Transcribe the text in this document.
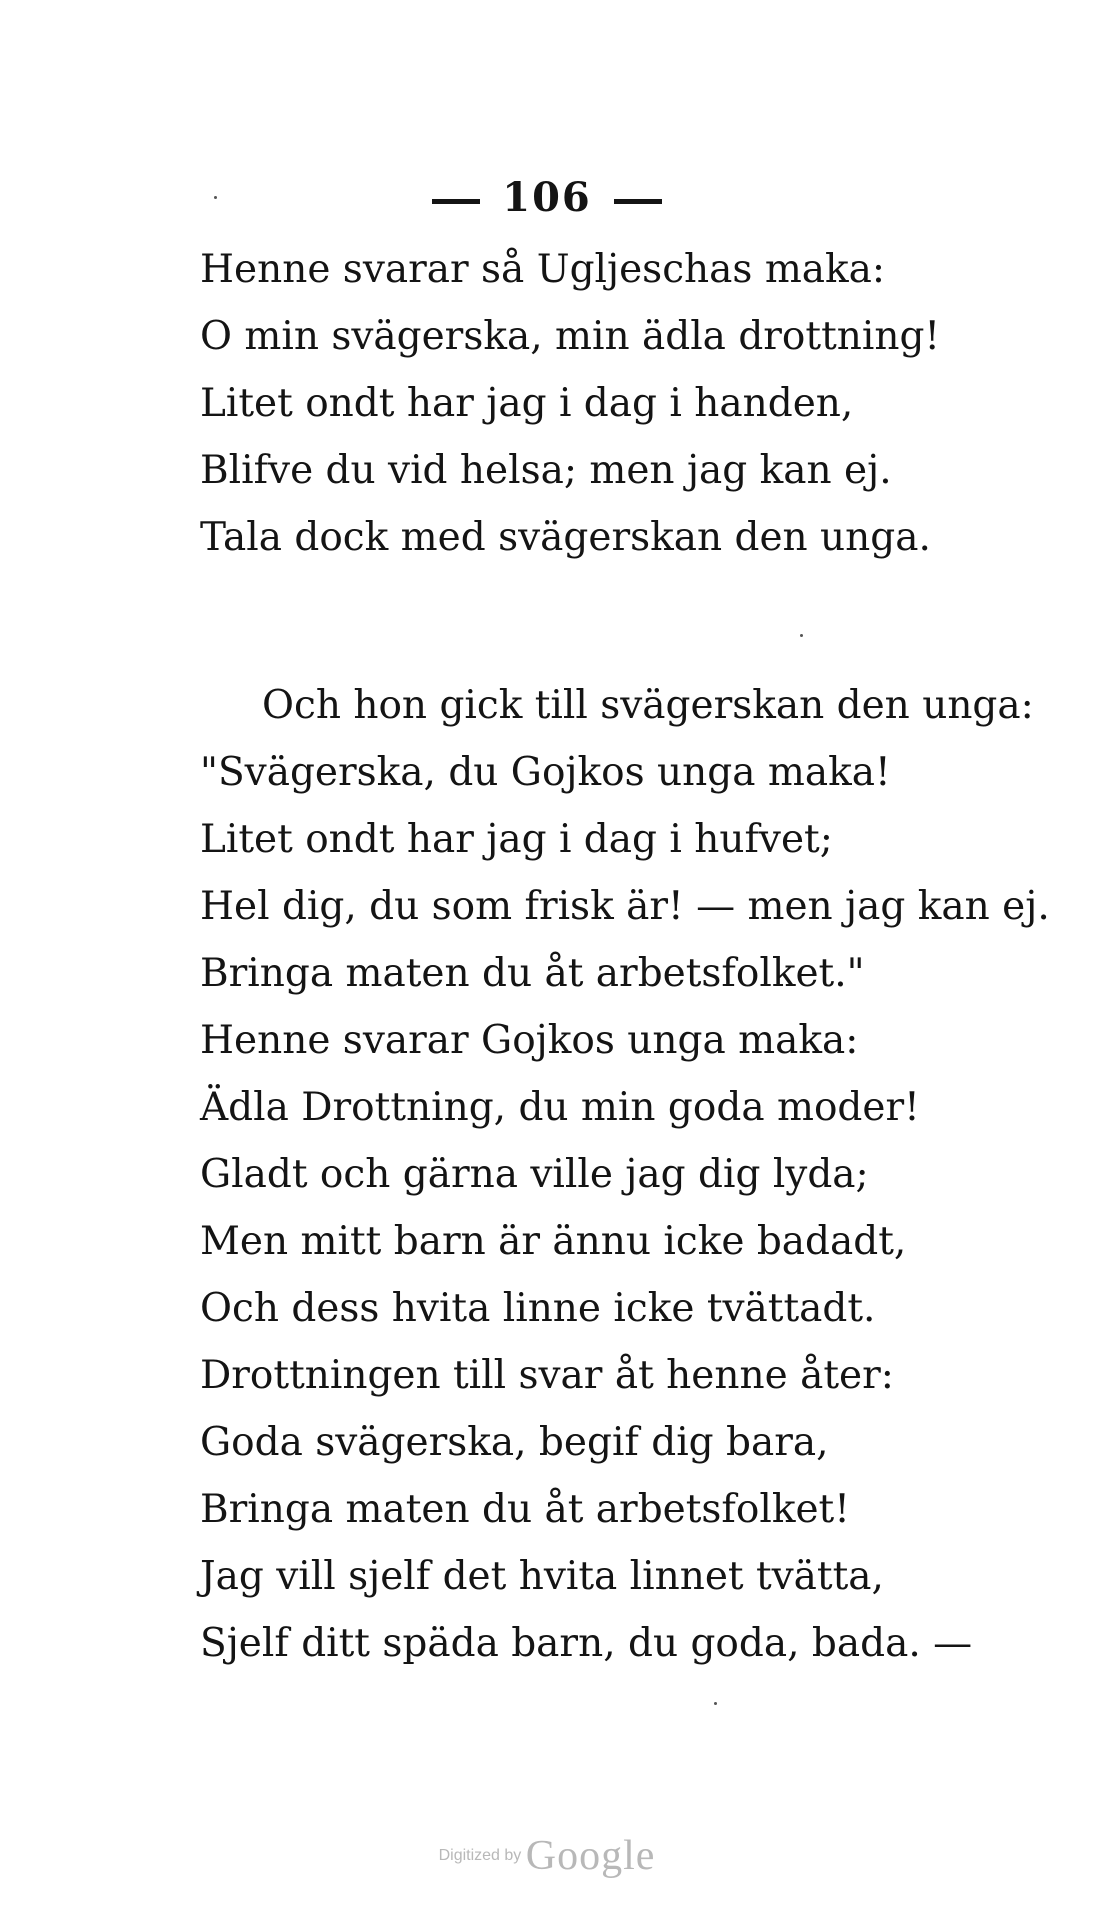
106
Henne svarar så Ugljeschas maka:
O min svägerska, min ädla drottning!
Litet ondt har jag i dag i handen,
Blifve du vid helsa; men jag kan ej.
Tala dock med svägerskan den unga.
Och hon gick till svägerskan den unga:
"Svägerska, du Gojkos unga maka!
Litet ondt har jag i dag i hufvet;
Hel dig, du som frisk är! — men jag kan ej.
Bringa maten du åt arbetsfolket."
Henne svarar Gojkos unga maka:
Ädla Drottning, du min goda moder!
Gladt och gärna ville jag dig lyda;
Men mitt barn är ännu icke badadt,
Och dess hvita linne icke tvättadt.
Drottningen till svar åt henne åter:
Goda svägerska, begif dig bara,
Bringa maten du åt arbetsfolket!
Jag vill sjelf det hvita linnet tvätta,
Sjelf ditt späda barn, du goda, bada. —
Digitized by Google
